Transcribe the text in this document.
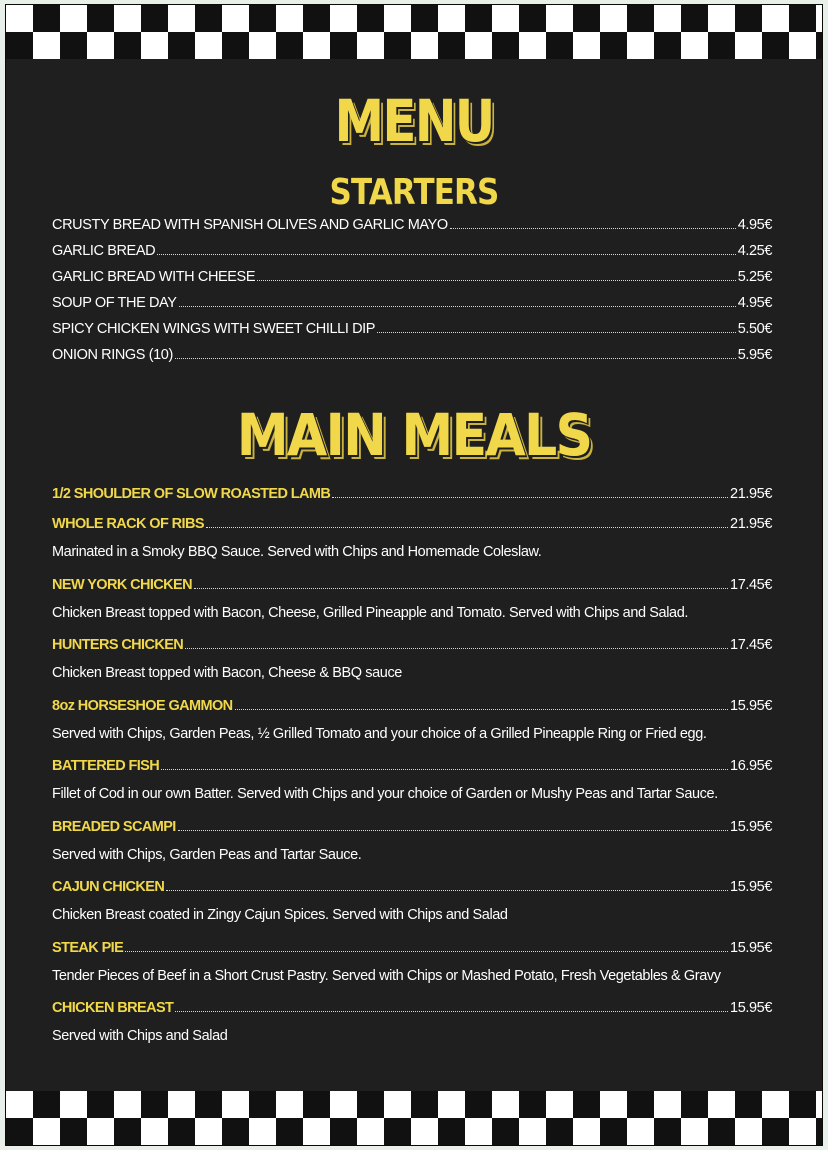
MENU
STARTERS
CRUSTY BREAD WITH SPANISH OLIVES AND GARLIC MAYO	4.95€
GARLIC BREAD	4.25€
GARLIC BREAD WITH CHEESE	5.25€
SOUP OF THE DAY	4.95€
SPICY CHICKEN WINGS WITH SWEET CHILLI DIP	5.50€
ONION RINGS (10)	5.95€
MAIN MEALS
1/2 SHOULDER OF SLOW ROASTED LAMB	21.95€
WHOLE RACK OF RIBS	21.95€
Marinated in a Smoky BBQ Sauce. Served with Chips and Homemade Coleslaw.
NEW YORK CHICKEN	17.45€
Chicken Breast topped with Bacon, Cheese, Grilled Pineapple and Tomato. Served with Chips and Salad.
HUNTERS CHICKEN	17.45€
Chicken Breast topped with Bacon, Cheese & BBQ sauce
8oz HORSESHOE GAMMON	15.95€
Served with Chips, Garden Peas, ½ Grilled Tomato and your choice of a Grilled Pineapple Ring or Fried egg.
BATTERED FISH	16.95€
Fillet of Cod in our own Batter. Served with Chips and your choice of Garden or Mushy Peas and Tartar Sauce.
BREADED SCAMPI	15.95€
Served with Chips, Garden Peas and Tartar Sauce.
CAJUN CHICKEN	15.95€
Chicken Breast coated in Zingy Cajun Spices. Served with Chips and Salad
STEAK PIE	15.95€
Tender Pieces of Beef in a Short Crust Pastry. Served with Chips or Mashed Potato, Fresh Vegetables & Gravy
CHICKEN BREAST	15.95€
Served with Chips and Salad
